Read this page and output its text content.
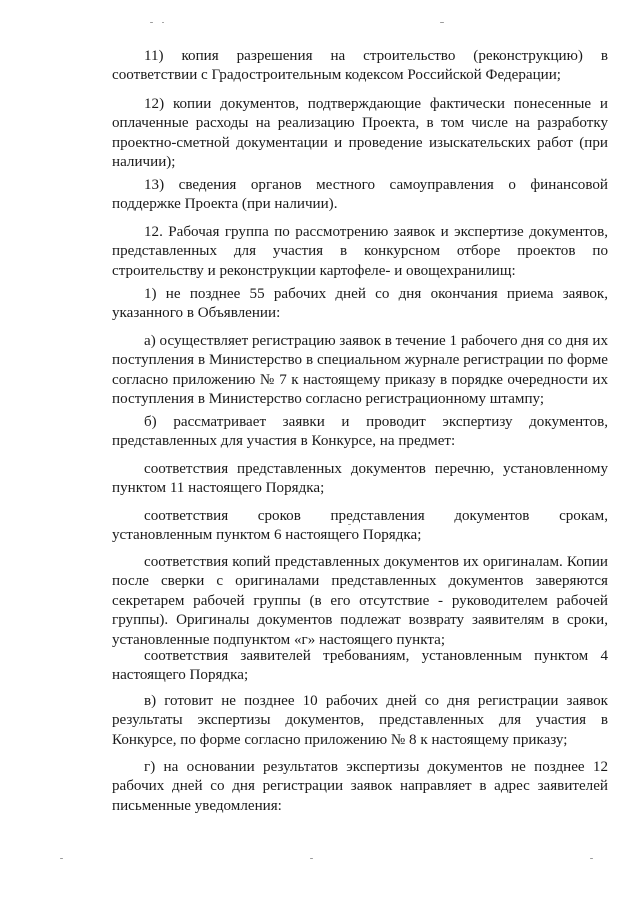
11) копия разрешения на строительство (реконструкцию) в соответствии с Градостроительным кодексом Российской Федерации;

12) копии документов, подтверждающие фактически понесенные и оплаченные расходы на реализацию Проекта, в том числе на разработку проектно-сметной документации и проведение изыскательских работ (при наличии);

13) сведения органов местного самоуправления о финансовой поддержке Проекта (при наличии).

12. Рабочая группа по рассмотрению заявок и экспертизе документов, представленных для участия в конкурсном отборе проектов по строительству и реконструкции картофеле- и овощехранилищ:

1) не позднее 55 рабочих дней со дня окончания приема заявок, указанного в Объявлении:

а) осуществляет регистрацию заявок в течение 1 рабочего дня со дня их поступления в Министерство в специальном журнале регистрации по форме согласно приложению № 7 к настоящему приказу в порядке очередности их поступления в Министерство согласно регистрационному штампу;

б) рассматривает заявки и проводит экспертизу документов, представленных для участия в Конкурсе, на предмет:

соответствия представленных документов перечню, установленному пунктом 11 настоящего Порядка;

соответствия сроков представления документов срокам, установленным пунктом 6 настоящего Порядка;

соответствия копий представленных документов их оригиналам. Копии после сверки с оригиналами представленных документов заверяются секретарем рабочей группы (в его отсутствие - руководителем рабочей группы). Оригиналы документов подлежат возврату заявителям в сроки, установленные подпунктом «г» настоящего пункта;

соответствия заявителей требованиям, установленным пунктом 4 настоящего Порядка;

в) готовит не позднее 10 рабочих дней со дня регистрации заявок результаты экспертизы документов, представленных для участия в Конкурсе, по форме согласно приложению № 8 к настоящему приказу;

г) на основании результатов экспертизы документов не позднее 12 рабочих дней со дня регистрации заявок направляет в адрес заявителей письменные уведомления:
